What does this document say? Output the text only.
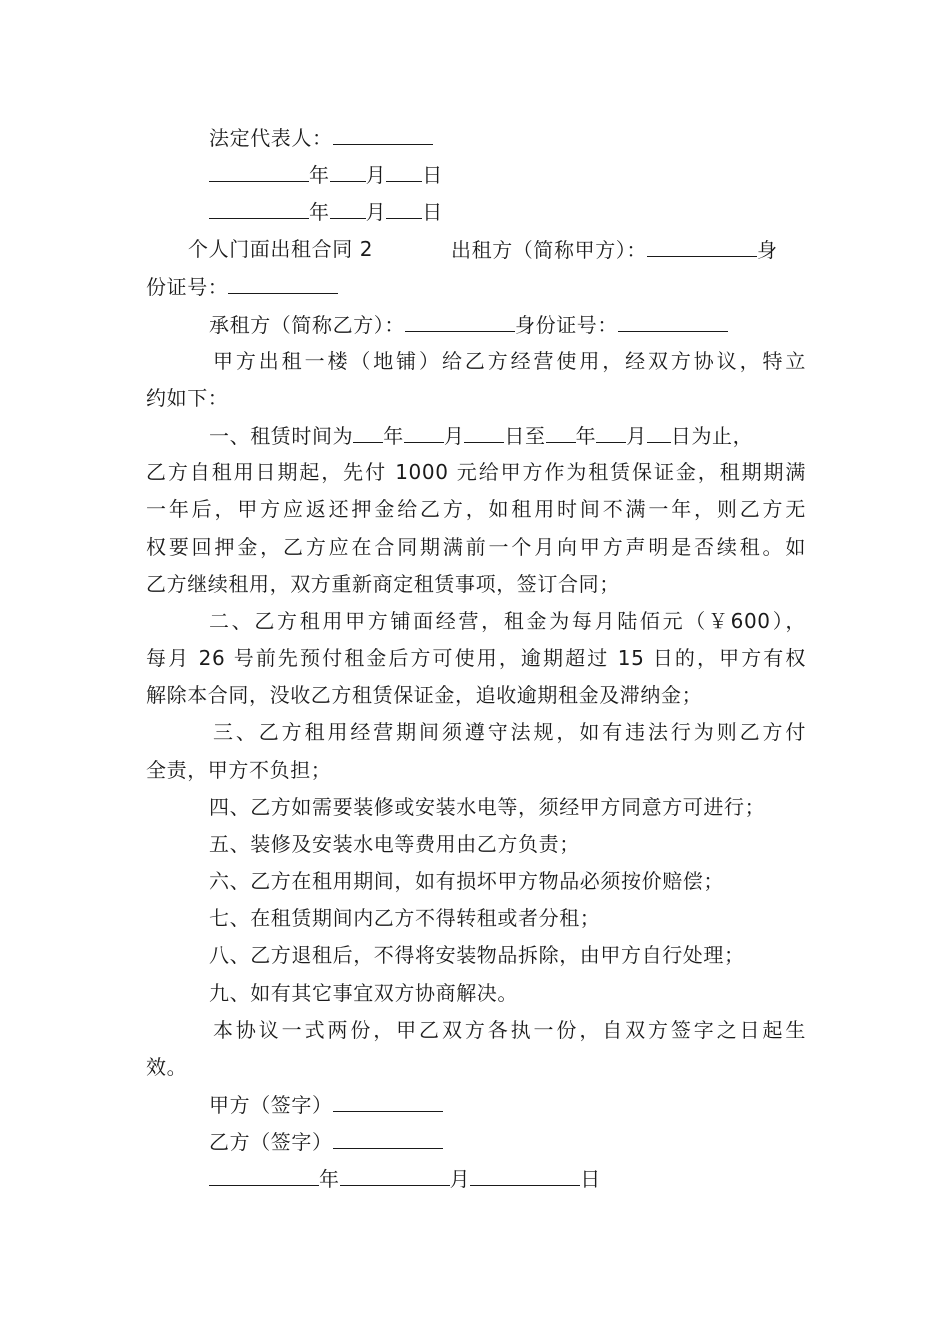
法定代表人：
年 月 日
年 月 日
个人门面出租合同 2	出租方（简称甲方）：	身
份证号：
承租方（简称乙方）：	身份证号：
甲方出租一楼（地铺）给乙方经营使用，经双方协议，特立
约如下：
一、租赁时间为 年 月 日至 年 月 日为止，
乙方自租用日期起，先付 1000 元给甲方作为租赁保证金，租期期满
一年后，甲方应返还押金给乙方，如租用时间不满一年，则乙方无
权要回押金，乙方应在合同期满前一个月向甲方声明是否续租。如
乙方继续租用，双方重新商定租赁事项，签订合同；
二、乙方租用甲方铺面经营，租金为每月陆佰元（￥600），
每月 26 号前先预付租金后方可使用，逾期超过 15 日的，甲方有权
解除本合同，没收乙方租赁保证金，追收逾期租金及滞纳金；
三、乙方租用经营期间须遵守法规，如有违法行为则乙方付
全责，甲方不负担；
四、乙方如需要装修或安装水电等，须经甲方同意方可进行；
五、装修及安装水电等费用由乙方负责；
六、乙方在租用期间，如有损坏甲方物品必须按价赔偿；
七、在租赁期间内乙方不得转租或者分租；
八、乙方退租后，不得将安装物品拆除，由甲方自行处理；
九、如有其它事宜双方协商解决。
本协议一式两份，甲乙双方各执一份，自双方签字之日起生
效。
甲方（签字）
乙方（签字）
年	月	日
